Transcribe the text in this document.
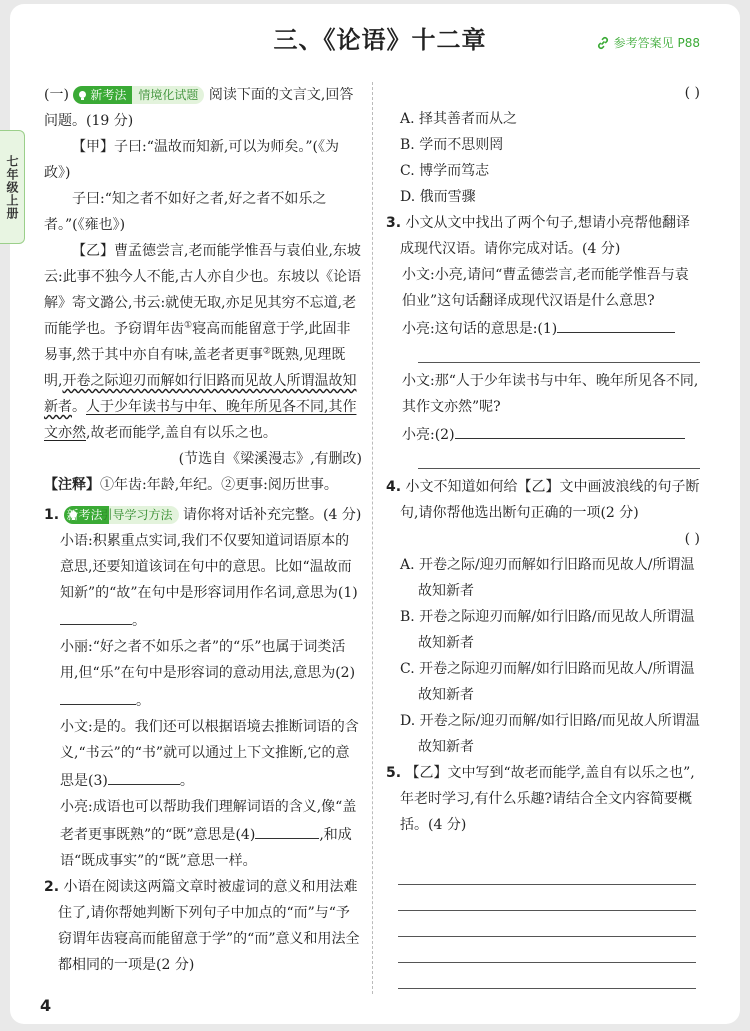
三、《论语》十二章	参考答案见 P88
七年级上册

(一) 新考法	情境化试题 阅读下面的文言文,回答问题。(19 分)

【甲】子曰:“温故而知新,可以为师矣。”(《为政》)

子曰:“知之者不如好之者,好之者不如乐之者。”(《雍也》)

【乙】曹孟德尝言,老而能学惟吾与袁伯业,东坡云:此事不独今人不能,古人亦自少也。东坡以《论语解》寄文潞公,书云:就使无取,亦足见其穷不忘道,老而能学也。予窃谓年齿①寝高而能留意于学,此固非易事,然于其中亦自有味,盖老者更事②既熟,见理既明,开卷之际迎刃而解如行旧路而见故人所谓温故知新者。人于少年读书与中年、晚年所见各不同,其作文亦然,故老而能学,盖自有以乐之也。

(节选自《梁溪漫志》,有删改)

【注释】①年齿:年龄,年纪。②更事:阅历世事。

1. 新考法
引导学习方法 请你将对话补充完整。(4 分)

小语:积累重点实词,我们不仅要知道词语原本的意思,还要知道该词在句中的意思。比如“温故而知新”的“故”在句中是形容词用作名词,意思为(1)。

小丽:“好之者不如乐之者”的“乐”也属于词类活用,但“乐”在句中是形容词的意动用法,意思为(2)。

小文:是的。我们还可以根据语境去推断词语的含义,“书云”的“书”就可以通过上下文推断,它的意思是(3)	。

小亮:成语也可以帮助我们理解词语的含义,像“盖老者更事既熟”的“既”意思是(4)	,和成语“既成事实”的“既”意思一样。

2. 小语在阅读这两篇文章时被虚词的意义和用法难住了,请你帮她判断下列句子中加点的“而”与“予窃谓年齿寝高而能留意于学”的“而”意义和用法全都相同的一项是(2 分)

( )

A. 择其善者而从之

B. 学而不思则罔

C. 博学而笃志

D. 俄而雪骤

3. 小文从文中找出了两个句子,想请小亮帮他翻译成现代汉语。请你完成对话。(4 分)

小文:小亮,请问“曹孟德尝言,老而能学惟吾与袁伯业”这句话翻译成现代汉语是什么意思?

小亮:这句话的意思是:(1)

小文:那“人于少年读书与中年、晚年所见各不同,其作文亦然”呢?

小亮:(2)

4. 小文不知道如何给【乙】文中画波浪线的句子断句,请你帮他选出断句正确的一项(2 分)

( )

A. 开卷之际/迎刃而解如行旧路而见故人/所谓温故知新者

B. 开卷之际迎刃而解/如行旧路/而见故人所谓温故知新者

C. 开卷之际迎刃而解/如行旧路而见故人/所谓温故知新者

D. 开卷之际/迎刃而解/如行旧路/而见故人所谓温故知新者

5. 【乙】文中写到“故老而能学,盖自有以乐之也”,年老时学习,有什么乐趣?请结合全文内容简要概括。(4 分)

4
